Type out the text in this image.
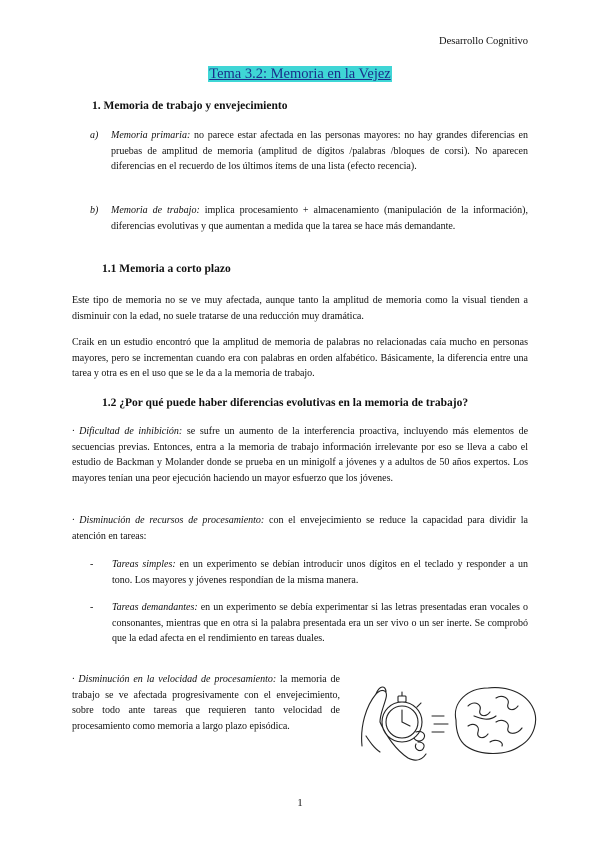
Desarrollo Cognitivo
Tema 3.2: Memoria en la Vejez
1. Memoria de trabajo y envejecimiento
a) Memoria primaria: no parece estar afectada en las personas mayores: no hay grandes diferencias en pruebas de amplitud de memoria (amplitud de dígitos /palabras /bloques de corsi). No aparecen diferencias en el recuerdo de los últimos ítems de una lista (efecto recencia).
b) Memoria de trabajo: implica procesamiento + almacenamiento (manipulación de la información), diferencias evolutivas y que aumentan a medida que la tarea se hace más demandante.
1.1 Memoria a corto plazo
Este tipo de memoria no se ve muy afectada, aunque tanto la amplitud de memoria como la visual tienden a disminuir con la edad, no suele tratarse de una reducción muy dramática.
Craik en un estudio encontró que la amplitud de memoria de palabras no relacionadas caía mucho en personas mayores, pero se incrementan cuando era con palabras en orden alfabético. Básicamente, la diferencia entre una tarea y otra es en el uso que se le da a la memoria de trabajo.
1.2 ¿Por qué puede haber diferencias evolutivas en la memoria de trabajo?
· Dificultad de inhibición: se sufre un aumento de la interferencia proactiva, incluyendo más elementos de secuencias previas. Entonces, entra a la memoria de trabajo información irrelevante por eso se lleva a cabo el estudio de Backman y Molander donde se prueba en un minigolf a jóvenes y a adultos de 50 años expertos. Los mayores tenían una peor ejecución haciendo un mayor esfuerzo que los jóvenes.
· Disminución de recursos de procesamiento: con el envejecimiento se reduce la capacidad para dividir la atención en tareas:
- Tareas simples: en un experimento se debían introducir unos dígitos en el teclado y responder a un tono. Los mayores y jóvenes respondían de la misma manera.
- Tareas demandantes: en un experimento se debía experimentar si las letras presentadas eran vocales o consonantes, mientras que en otra si la palabra presentada era un ser vivo o un ser inerte. Se comprobó que la edad afecta en el rendimiento en tareas duales.
· Disminución en la velocidad de procesamiento: la memoria de trabajo se ve afectada progresivamente con el envejecimiento, sobre todo ante tareas que requieren tanto velocidad de procesamiento como memoria a largo plazo episódica.
1
